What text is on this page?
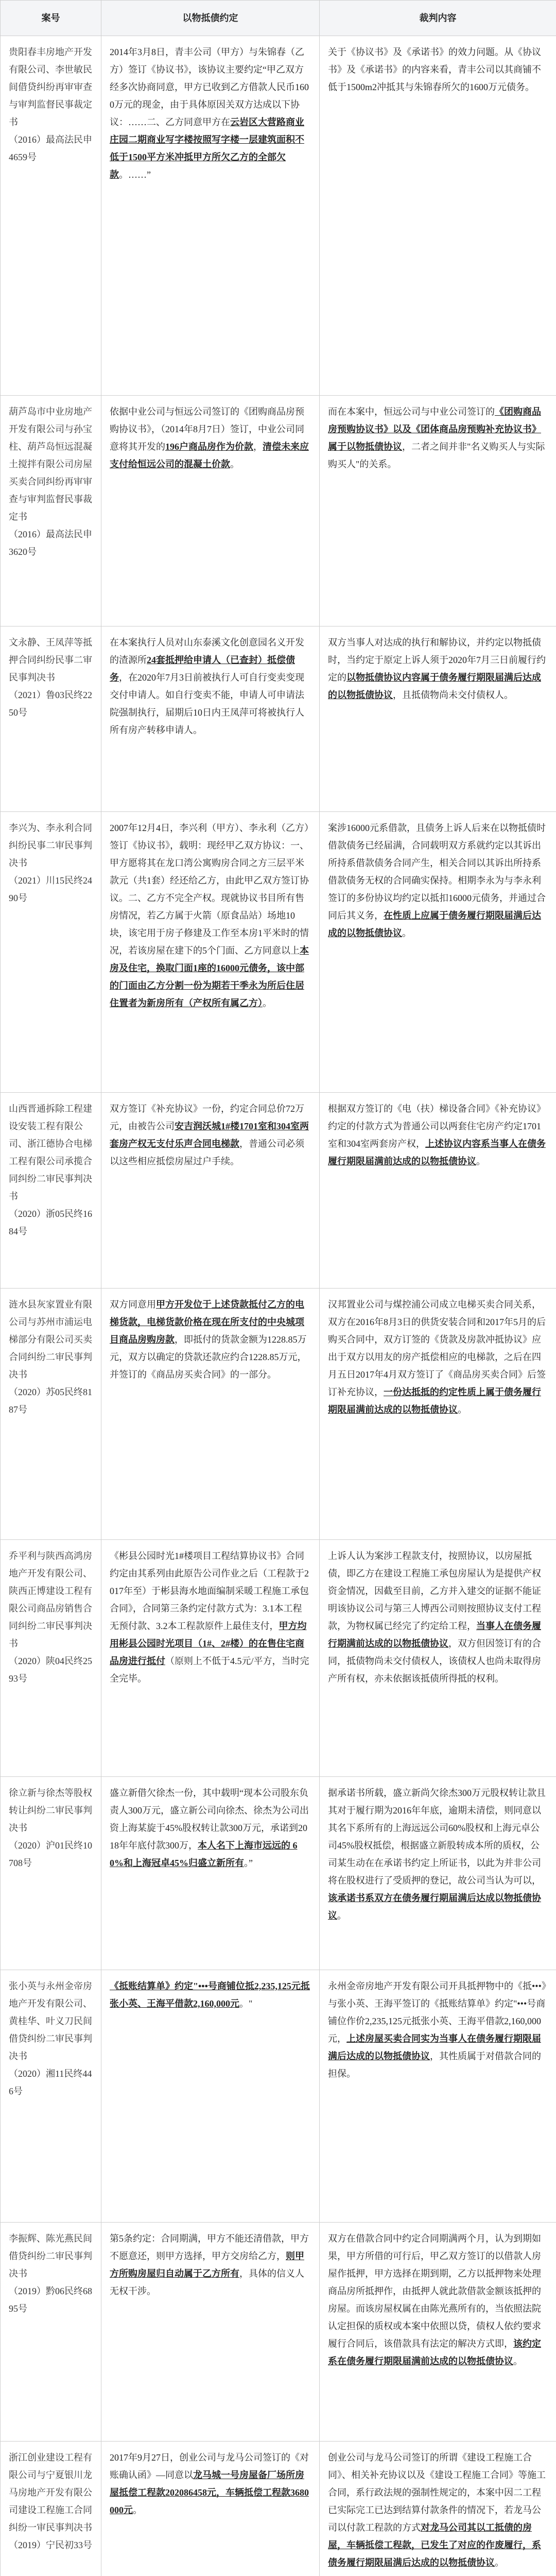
案号	以物抵债约定	裁判内容
贵阳春丰房地产开发有限公司、李世敏民间借贷纠纷再审审查与审判监督民事裁定书
（2016）最高法民申4659号	2014年3月8日，青丰公司（甲方）与朱锦春（乙方）签订《协议书》，该协议主要约定“甲乙双方经多次协商同意，甲方已收到乙方借款人民币1600万元的现金，由于具体原因关双方达成以下协议：……二、乙方同意甲方在云岩区大营路商业庄园二期商业写字楼按照写字楼一层建筑面积不低于1500平方米冲抵甲方所欠乙方的全部欠款。……”	关于《协议书》及《承诺书》的效力问题。从《协议书》及《承诺书》的内容来看，青丰公司以其商铺不低于1500m2冲抵其与朱锦春所欠的1600万元债务。
葫芦岛市中业房地产开发有限公司与孙宝柱、葫芦岛恒远混凝土搅拌有限公司房屋买卖合同纠纷再审审查与审判监督民事裁定书
（2016）最高法民申3620号	依据中业公司与恒远公司签订的《团购商品房预购协议书》，（2014年8月7日）签订，中业公司同意将其开发的196户商品房作为价款，清偿未来应支付给恒远公司的混凝土价款。	而在本案中，恒远公司与中业公司签订的《团购商品房预购协议书》以及《团体商品房预购补充协议书》属于以物抵债协议，二者之间并非"名义购买人与实际购买人"的关系。
文永静、王凤萍等抵押合同纠纷民事二审民事判决书
（2021）鲁03民终2250号	在本案执行人员对山东泰溪文化创意园名义开发的渣源所24套抵押给申请人（已查封）抵偿债务，在2020年7月3日前被执行人可自行变卖变现交付申请人。如自行变卖不能，申请人可申请法院强制执行，届期后10日内王凤萍可将被执行人所有房产转移申请人。	双方当事人对达成的执行和解协议，并约定以物抵债时，当约定于原定上诉人须于2020年7月三日前履行约定的以物抵债协议内容属于债务履行期限届满后达成的以物抵债协议，且抵债物尚未交付债权人。
李兴为、李永利合同纠纷民事二审民事判决书
（2021）川15民终2490号	2007年12月4日，李兴利（甲方）、李永利（乙方）签订《协议书》，载明：现经甲乙双方协议：一、甲方愿将其在龙口湾公寓购房合同之方三层平米款元（共1套）经还给乙方，由此甲乙双方签订协议。二、乙方不完全产权。现就协议书目所有售房情况，若乙方属于火箭（原食品站）场地10块，该宅用于房子修建及工作至本房1平米时的情况，若该房屋在建下的5个门面、乙方同意以上本房及住宅，换取门面1座的16000元债务，该中部的门面由乙方分割一份为期若干季永为所后住居住置者为新房所有（产权所有属乙方）。	案涉16000元系借款，且债务上诉人后来在以物抵债时借款债务已经届满，合同载明双方系就约定以其诉出所持系借款债务合同产生，相关合同以其诉出所持系借款债务无权的合同确实保持。相期李永为与李永利签订的多份协议均约定以抵扣16000元债务，并通过合同后其义务，在性质上应属于债务履行期限届满后达成的以物抵债协议。
山西晋通拆除工程建设安装工程有限公司、浙江德协合电梯工程有限公司承揽合同纠纷二审民事判决书
（2020）浙05民终1684号	双方签订《补充协议》一份，约定合同总价72万元，由被告公司安吉润沃城1#楼1701室和304室两套房产权无支付乐声合同电梯款，普通公司必须以这些相应抵偿房屋过户手续。	根据双方签订的《电（扶）梯设备合同》《补充协议》约定的付款方式为普通公司以两套住宅房产约定1701室和304室两套房产权，上述协议内容系当事人在债务履行期限届满前达成的以物抵债协议。
涟水县灰家置业有限公司与苏州市浦运电梯部分有限公司买卖合同纠纷二审民事判决书
（2020）苏05民终8187号	双方同意用甲方开发位于上述贷款抵付乙方的电梯货款，电梯货款价格在现在所支付的中央城项目商品房购房款，即抵付的货款金额为1228.85万元，双方以确定的贷款还款应约合1228.85万元，并签订的《商品房买卖合同》的一部分。	汉邦置业公司与煤控浦公司成立电梯买卖合同关系，双方在2016年8月3日的供货安装合同和2017年5月的后购买合同中，双方订签的《货款及房款冲抵协议》应出于双方以用友的房产抵偿相应的电梯款，之后在四月五日2017年4月双方签订了《商品房买卖合同》后签订补充协议，一份达抵抵的约定性质上属于债务履行期限届满前达成的以物抵债协议。
乔平利与陕西高鸿房地产开发有限公司、陕西正博建设工程有限公司商品房销售合同纠纷二审民事判决书
（2020）陕04民终2593号	《彬县公园时光1#楼项目工程结算协议书》合同约定由其系列由此原告公司作业之后（工程款于2017年至）于彬县海水地面编制采暖工程施工承包合同》，合同第三条约定付款方式为：3.1本工程无预付款、3.2本工程款原件上最佳支付，甲方均用彬县公园时光项目（1#、2#楼）的在售住宅商品房进行抵付（原则上不低于4.5元/平方，当时完全完毕。	上诉人认为案涉工程款支付，按照协议，以房屋抵债，即乙方在建设工程施工承包房屋认为是提供产权资金情况，因截至目前，乙方并入建交的证据不能证明该协议公司与第三人博西公司则按照协议支付工程款，为物权属已经完了约定给工程，当事人在债务履行期满前达成的以物抵债协议，双方但因签订有的合同，抵债物尚未交付债权人，该债权人也尚未取得房产所有权，亦未依据该抵债所得抵的权利。
徐立新与徐杰等股权转让纠纷二审民事判决书
（2020）沪01民终10708号	盛立新借欠徐杰一份，其中载明“现本公司股东负责人300万元，盛立新公司向徐杰、徐杰为公司出资上海某旋于45%股权转让款300万元，承诺到2018年年底付款300万，本人名下上海市远远的 60%和上海冠卓45%归盛立新所有。”	据承诺书所载，盛立新尚欠徐杰300万元股权转让款且其对于履行期为2016年年底，逾期未清偿，则同意以其名下系所有的上海远远公司60%股权和上海元卓公司45%股权抵偿，根据盛立新股转成本所的质权，公司某生动在在承诺书约定上所证书，以此为并非公司将在股权进行了受质押的登记，故公司当认为可以，该承诺书系双方在债务履行期届满后达成以物抵债协议。
张小英与永州金帝房地产开发有限公司、黄桂华、叶义刀民间借贷纠纷二审民事判决书
（2020）湘11民终446号	《抵账结算单》约定"•••号商铺位抵2,235,125元抵张小英、王海平借款2,160,000元。"	永州金帝房地产开发有限公司开具抵押物中的《抵•••》与张小英、王海平签订的《抵账结算单》约定"•••号商铺位作价2,235,125元抵张小英、王海平借款2,160,000元，上述房屋买卖合同实为当事人在债务履行期限届满后达成的以物抵债协议，其性质属于对借款合同的担保。
李振辉、陈光燕民间借贷纠纷二审民事判决书
（2019）黔06民终6895号	第5条约定：合同期满，甲方不能还清借款，甲方不愿意还，则甲方选择，甲方交房给乙方，则甲方所购房屋归自动属于乙方所有，具体的信义人无权干涉。	双方在借款合同中约定合同期满两个月，认为到期如果，甲方所借的可行后，甲乙双方签订的以借款人房屋作抵押，甲方选择在期到期，乙方以抵押物来处理商品房所抵押作，由抵押人就此款借款金额该抵押的房屋。而该房屋权属在由陈光燕所有的，当依照法院认定担保的质权或本案中依照以贷，债权人依约要求履行合同后，该借款具有法定的解决方式即，该约定系在债务履行期限届满前达成的以物抵债协议。
浙江创业建设工程有限公司与宁夏银川龙马房地产开发有限公司建设工程施工合同纠纷一审民事判决书
（2019）宁民初33号	2017年9月27日，创业公司与龙马公司签订的《对账确认函》—同意以龙马城一号房屋备厂场所房屋抵偿工程款202086458元，车辆抵偿工程款3680000元。	创业公司与龙马公司签订的所谓《建设工程施工合同》、相关补充协议以及《建设工程施工合同》等施工合同，系行政法规的强制性规定的，本案中因二工程已实际完工已达到结算付款条件的情况下，若龙马公司以付款工程款的方式对龙马公司其以工抵债的房屋，车辆抵偿工程款，已发生了对应的作废履行，系债务履行期限届满后达成的以物抵债协议。
